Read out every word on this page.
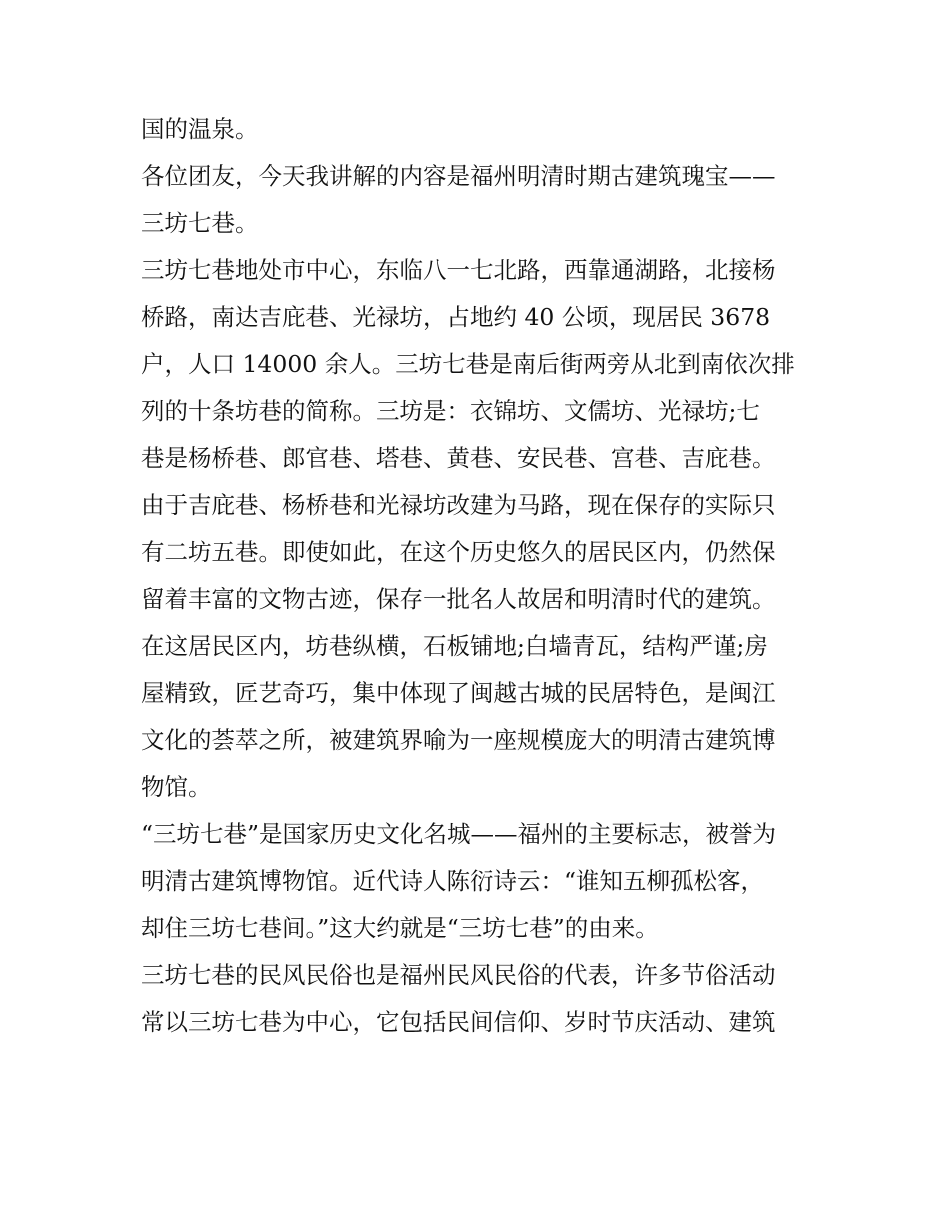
国的温泉。
各位团友，今天我讲解的内容是福州明清时期古建筑瑰宝——
三坊七巷。
三坊七巷地处市中心，东临八一七北路，西靠通湖路，北接杨
桥路，南达吉庇巷、光禄坊，占地约 40 公顷，现居民 3678
户，人口 14000 余人。三坊七巷是南后街两旁从北到南依次排
列的十条坊巷的简称。三坊是：衣锦坊、文儒坊、光禄坊;七
巷是杨桥巷、郎官巷、塔巷、黄巷、安民巷、宫巷、吉庇巷。
由于吉庇巷、杨桥巷和光禄坊改建为马路，现在保存的实际只
有二坊五巷。即使如此，在这个历史悠久的居民区内，仍然保
留着丰富的文物古迹，保存一批名人故居和明清时代的建筑。
在这居民区内，坊巷纵横，石板铺地;白墙青瓦，结构严谨;房
屋精致，匠艺奇巧，集中体现了闽越古城的民居特色，是闽江
文化的荟萃之所，被建筑界喻为一座规模庞大的明清古建筑博
物馆。
“三坊七巷”是国家历史文化名城——福州的主要标志，被誉为
明清古建筑博物馆。近代诗人陈衍诗云：“谁知五柳孤松客，
却住三坊七巷间。”这大约就是“三坊七巷”的由来。
三坊七巷的民风民俗也是福州民风民俗的代表，许多节俗活动
常以三坊七巷为中心，它包括民间信仰、岁时节庆活动、建筑
